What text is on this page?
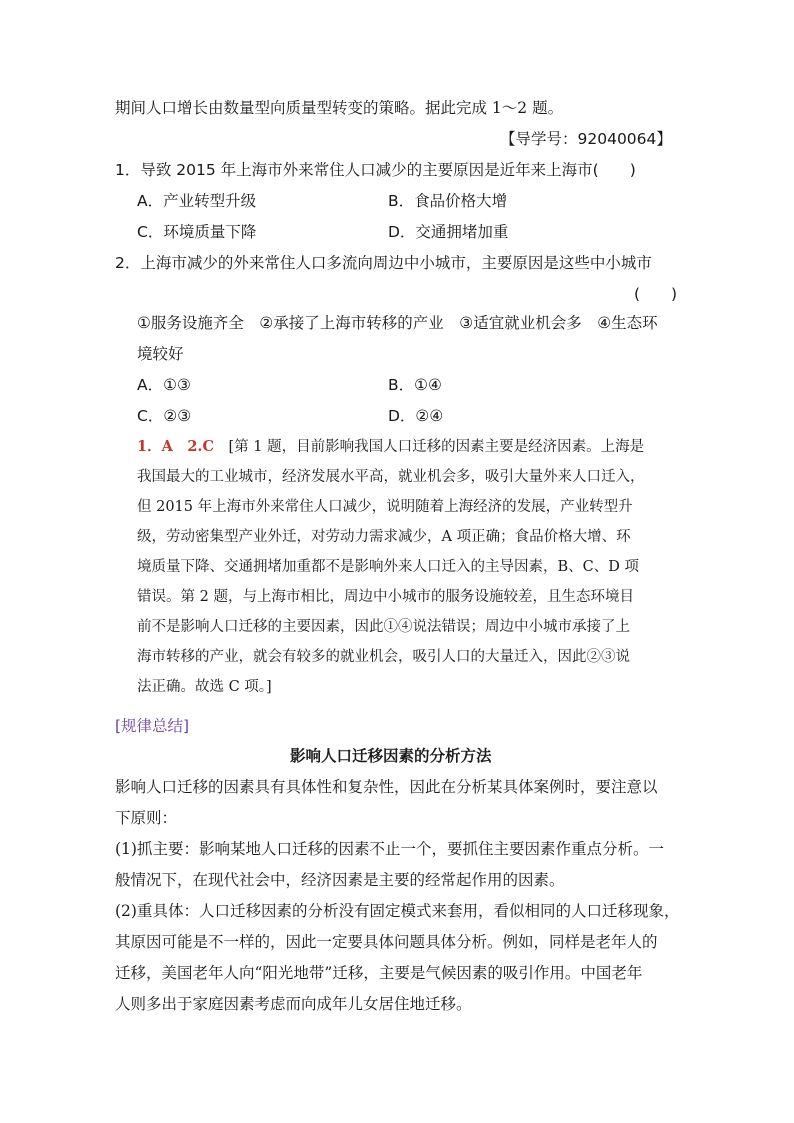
期间人口增长由数量型向质量型转变的策略。据此完成 1～2 题。
【导学号：92040064】
1．导致 2015 年上海市外来常住人口减少的主要原因是近年来上海市(　　)
A．产业转型升级	B．食品价格大增
C．环境质量下降	D．交通拥堵加重
2．上海市减少的外来常住人口多流向周边中小城市，主要原因是这些中小城市
(　　)
①服务设施齐全　②承接了上海市转移的产业　③适宜就业机会多　④生态环
境较好
A．①③	B．①④
C．②③	D．②④
1．A　2.C　 [第 1 题，目前影响我国人口迁移的因素主要是经济因素。上海是
我国最大的工业城市，经济发展水平高，就业机会多，吸引大量外来人口迁入，
但 2015 年上海市外来常住人口减少，说明随着上海经济的发展，产业转型升
级，劳动密集型产业外迁，对劳动力需求减少，A 项正确；食品价格大增、环
境质量下降、交通拥堵加重都不是影响外来人口迁入的主导因素，B、C、D 项
错误。第 2 题，与上海市相比，周边中小城市的服务设施较差，且生态环境目
前不是影响人口迁移的主要因素，因此①④说法错误；周边中小城市承接了上
海市转移的产业，就会有较多的就业机会，吸引人口的大量迁入，因此②③说
法正确。故选 C 项。]
[规律总结]
影响人口迁移因素的分析方法
影响人口迁移的因素具有具体性和复杂性，因此在分析某具体案例时，要注意以
下原则：
(1)抓主要：影响某地人口迁移的因素不止一个，要抓住主要因素作重点分析。一
般情况下，在现代社会中，经济因素是主要的经常起作用的因素。
(2)重具体：人口迁移因素的分析没有固定模式来套用，看似相同的人口迁移现象，
其原因可能是不一样的，因此一定要具体问题具体分析。例如，同样是老年人的
迁移，美国老年人向“阳光地带”迁移，主要是气候因素的吸引作用。中国老年
人则多出于家庭因素考虑而向成年儿女居住地迁移。
